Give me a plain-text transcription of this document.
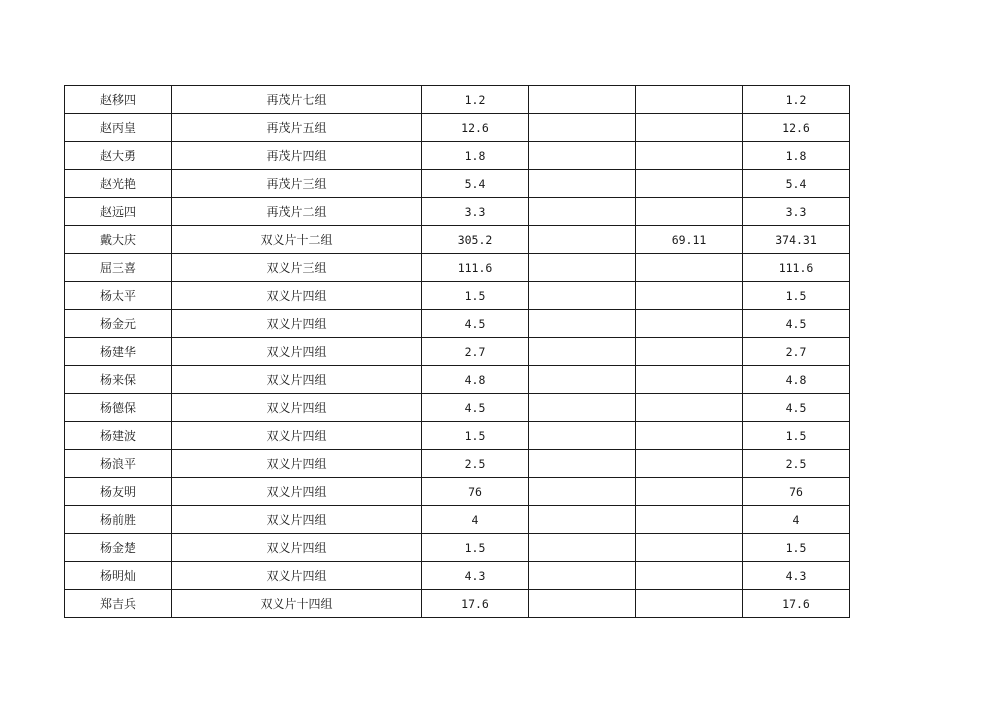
赵移四	再茂片七组	1.2			1.2
赵丙皇	再茂片五组	12.6			12.6
赵大勇	再茂片四组	1.8			1.8
赵光艳	再茂片三组	5.4			5.4
赵远四	再茂片二组	3.3			3.3
戴大庆	双义片十二组	305.2		69.11	374.31
屈三喜	双义片三组	111.6			111.6
杨太平	双义片四组	1.5			1.5
杨金元	双义片四组	4.5			4.5
杨建华	双义片四组	2.7			2.7
杨来保	双义片四组	4.8			4.8
杨德保	双义片四组	4.5			4.5
杨建波	双义片四组	1.5			1.5
杨浪平	双义片四组	2.5			2.5
杨友明	双义片四组	76			76
杨前胜	双义片四组	4			4
杨金楚	双义片四组	1.5			1.5
杨明灿	双义片四组	4.3			4.3
郑吉兵	双义片十四组	17.6			17.6
